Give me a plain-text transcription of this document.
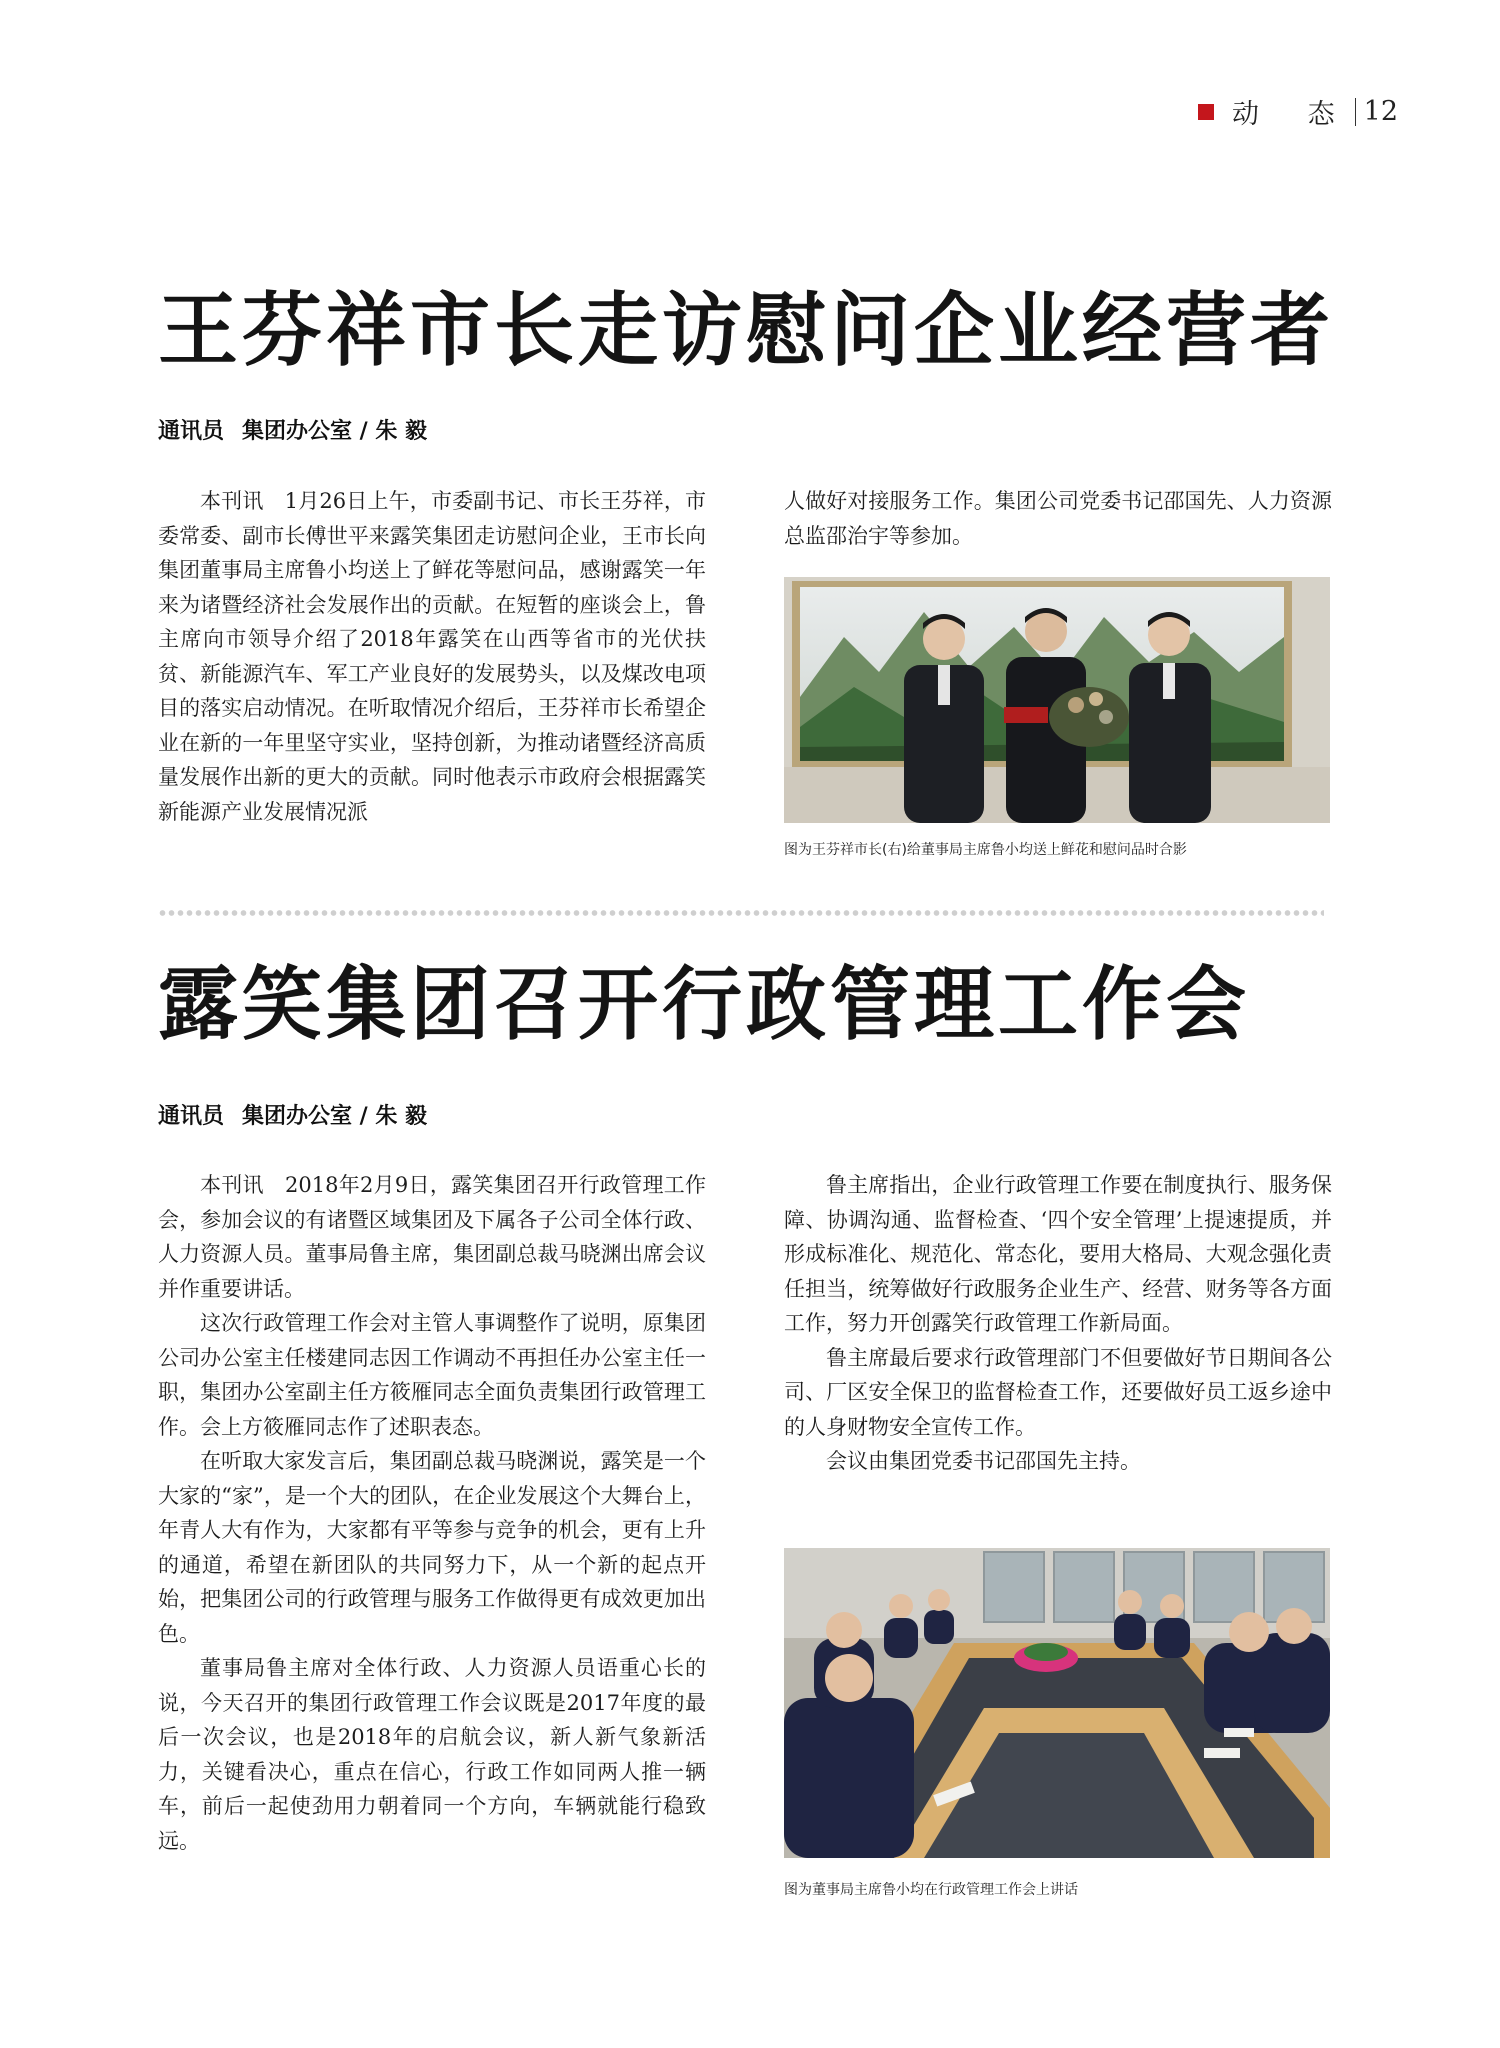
动 态 12
王芬祥市长走访慰问企业经营者
通讯员 集团办公室 / 朱 毅

本刊讯　1月26日上午，市委副书记、市长王芬祥，市委常委、副市长傅世平来露笑集团走访慰问企业，王市长向集团董事局主席鲁小均送上了鲜花等慰问品，感谢露笑一年来为诸暨经济社会发展作出的贡献。在短暂的座谈会上，鲁主席向市领导介绍了2018年露笑在山西等省市的光伏扶贫、新能源汽车、军工产业良好的发展势头，以及煤改电项目的落实启动情况。在听取情况介绍后，王芬祥市长希望企业在新的一年里坚守实业，坚持创新，为推动诸暨经济高质量发展作出新的更大的贡献。同时他表示市政府会根据露笑新能源产业发展情况派

人做好对接服务工作。集团公司党委书记邵国先、人力资源总监邵治宇等参加。

图为王芬祥市长(右)给董事局主席鲁小均送上鲜花和慰问品时合影
露笑集团召开行政管理工作会
通讯员 集团办公室 / 朱 毅

本刊讯　2018年2月9日，露笑集团召开行政管理工作会，参加会议的有诸暨区域集团及下属各子公司全体行政、人力资源人员。董事局鲁主席，集团副总裁马晓渊出席会议并作重要讲话。

这次行政管理工作会对主管人事调整作了说明，原集团公司办公室主任楼建同志因工作调动不再担任办公室主任一职，集团办公室副主任方筱雁同志全面负责集团行政管理工作。会上方筱雁同志作了述职表态。

在听取大家发言后，集团副总裁马晓渊说，露笑是一个大家的“家”，是一个大的团队，在企业发展这个大舞台上，年青人大有作为，大家都有平等参与竞争的机会，更有上升的通道，希望在新团队的共同努力下，从一个新的起点开始，把集团公司的行政管理与服务工作做得更有成效更加出色。

董事局鲁主席对全体行政、人力资源人员语重心长的说，今天召开的集团行政管理工作会议既是2017年度的最后一次会议，也是2018年的启航会议，新人新气象新活力，关键看决心，重点在信心，行政工作如同两人推一辆车，前后一起使劲用力朝着同一个方向，车辆就能行稳致远。

鲁主席指出，企业行政管理工作要在制度执行、服务保障、协调沟通、监督检查、‘四个安全管理’上提速提质，并形成标准化、规范化、常态化，要用大格局、大观念强化责任担当，统筹做好行政服务企业生产、经营、财务等各方面工作，努力开创露笑行政管理工作新局面。

鲁主席最后要求行政管理部门不但要做好节日期间各公司、厂区安全保卫的监督检查工作，还要做好员工返乡途中的人身财物安全宣传工作。

会议由集团党委书记邵国先主持。

图为董事局主席鲁小均在行政管理工作会上讲话
